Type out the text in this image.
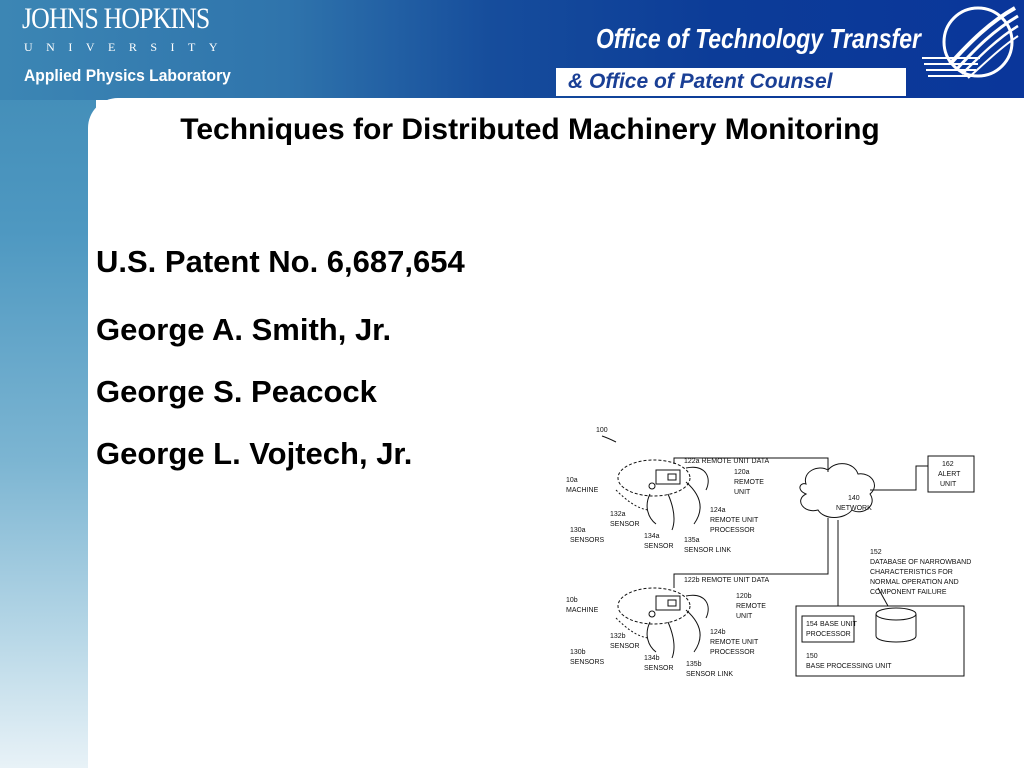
JOHNS HOPKINS
UNIVERSITY
Applied Physics Laboratory
Office of Technology Transfer
& Office of Patent Counsel
Techniques for Distributed Machinery Monitoring
U.S. Patent No. 6,687,654
George A. Smith, Jr.
George S. Peacock
George L. Vojtech, Jr.
100
122a REMOTE UNIT DATA
120a
REMOTE
UNIT
10a
MACHINE
132a
SENSOR
130a
SENSORS
134a
SENSOR
124a
REMOTE UNIT
PROCESSOR
135a
SENSOR LINK
140
NETWORK
162
ALERT
UNIT
152
DATABASE OF NARROWBAND
CHARACTERISTICS FOR
NORMAL OPERATION AND
COMPONENT FAILURE
122b REMOTE UNIT DATA
10b
MACHINE
120b
REMOTE
UNIT
132b
SENSOR
130b
SENSORS
134b
SENSOR
124b
REMOTE UNIT
PROCESSOR
135b
SENSOR LINK
154 BASE UNIT
PROCESSOR
150
BASE PROCESSING UNIT
